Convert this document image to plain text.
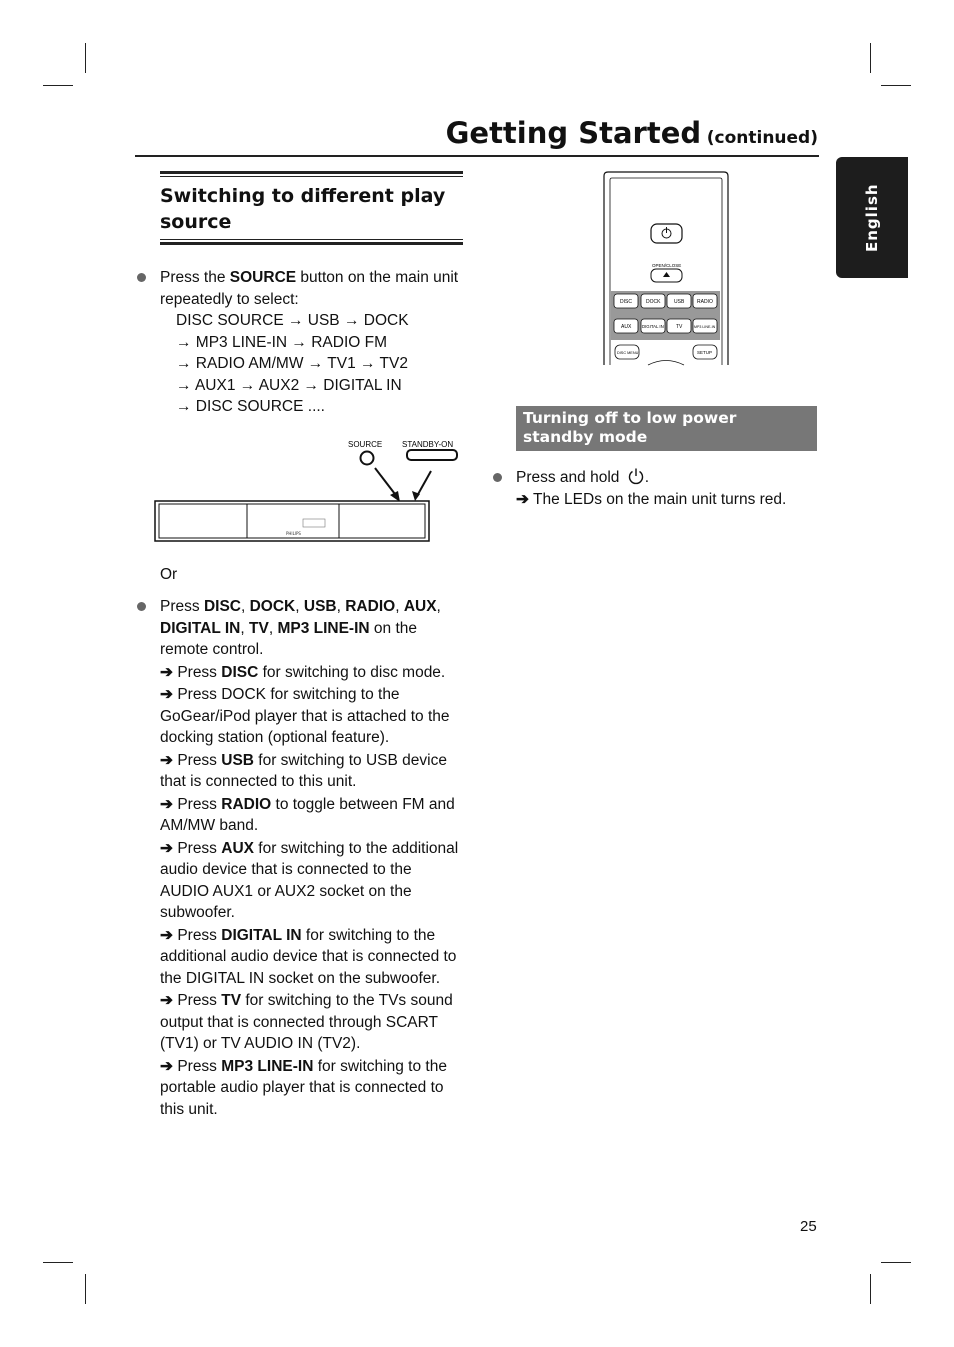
Getting Started (continued)
English
Switching to different play source

Press the SOURCE button on the main unit repeatedly to select:

DISC SOURCE → USB → DOCK

→ MP3 LINE-IN → RADIO FM

→ RADIO AM/MW → TV1 → TV2

→ AUX1 → AUX2 → DIGITAL IN

→ DISC SOURCE ....

SOURCE STANDBY-ON
PHILIPS
Or

Press DISC, DOCK, USB, RADIO, AUX, DIGITAL IN, TV, MP3 LINE-IN on the remote control.

➔ Press DISC for switching to disc mode.

➔ Press DOCK for switching to the GoGear/iPod player that is attached to the docking station (optional feature).

➔ Press USB for switching to USB device that is connected to this unit.

➔ Press RADIO to toggle between FM and AM/MW band.

➔ Press AUX for switching to the additional audio device that is connected to the AUDIO AUX1 or AUX2 socket on the subwoofer.

➔ Press DIGITAL IN for switching to the additional audio device that is connected to the DIGITAL IN socket on the subwoofer.

➔ Press TV for switching to the TVs sound output that is connected through SCART (TV1) or TV AUDIO IN (TV2).

➔ Press MP3 LINE-IN for switching to the portable audio player that is connected to this unit.

OPEN/CLOSE
DISC	DOCK	USB	RADIO
AUX DIGITAL IN TV	MP3 LINE-IN
DISC MENU	SETUP
Turning off to low power standby mode

Press and hold .

➔ The LEDs on the main unit turns red.

25
